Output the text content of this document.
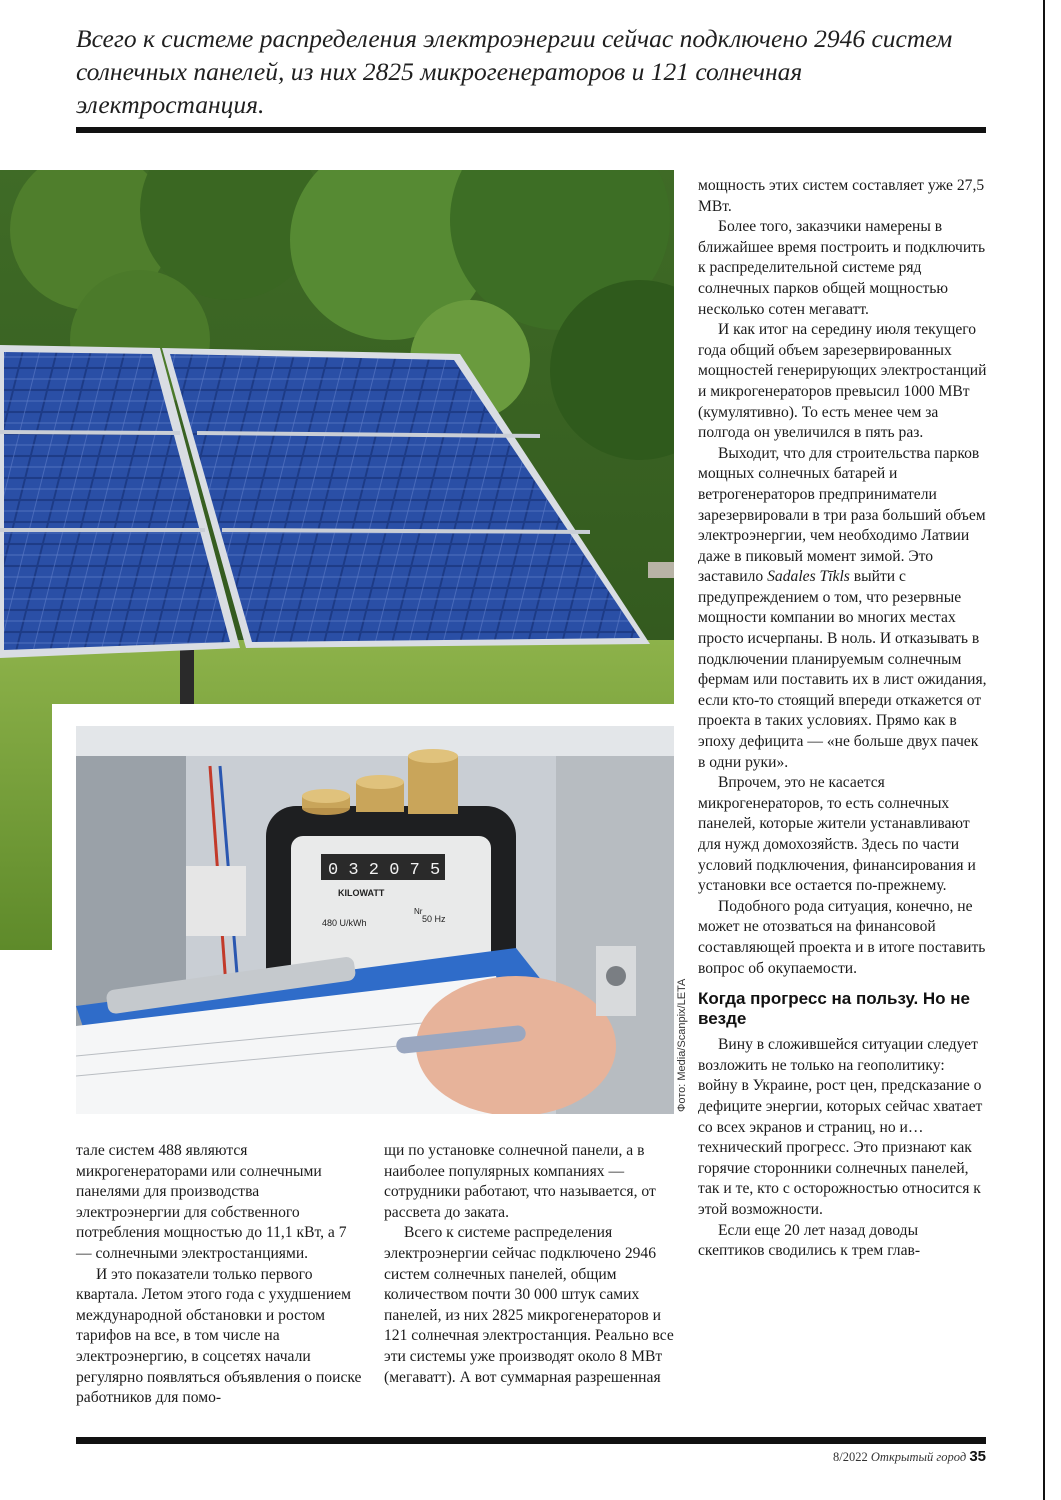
Всего к системе распределения электроэнергии сейчас подключено 2946 систем солнечных панелей, из них 2825 микрогенераторов и 121 солнечная электростанция.
0 3 2 0 7 5
KILOWATT
Nr
480 U/kWh	50 Hz
Фото: Media/Scanpix/LETA

мощность этих систем составляет уже 27,5 МВт.

Более того, заказчики намерены в ближайшее время построить и подключить к распределительной системе ряд солнечных парков общей мощностью несколько сотен мегаватт.

И как итог на середину июля текущего года общий объем зарезервированных мощностей генерирующих электростанций и микрогенераторов превысил 1000 МВт (кумулятивно). То есть менее чем за полгода он увеличился в пять раз.

Выходит, что для строительства парков мощных солнечных батарей и ветрогенераторов предприниматели зарезервировали в три раза больший объем электроэнергии, чем необходимо Латвии даже в пиковый момент зимой. Это заставило Sadales Tīkls выйти с предупреждением о том, что резервные мощности компании во многих местах просто исчерпаны. В ноль. И отказывать в подключении планируемым солнечным фермам или поставить их в лист ожидания, если кто-то стоящий впереди откажется от проекта в таких условиях. Прямо как в эпоху дефицита — «не больше двух пачек в одни руки».

Впрочем, это не касается микрогенераторов, то есть солнечных панелей, которые жители устанавливают для нужд домохозяйств. Здесь по части условий подключения, финансирования и установки все остается по-прежнему.

Подобного рода ситуация, конечно, не может не отозваться на финансовой составляющей проекта и в итоге поставить вопрос об окупаемости.

Когда прогресс на пользу. Но не везде

Вину в сложившейся ситуации следует возложить не только на геополитику: войну в Украине, рост цен, предсказание о дефиците энергии, которых сейчас хватает со всех экранов и страниц, но и… технический прогресс. Это признают как горячие сторонники солнечных панелей, так и те, кто с осторожностью относится к этой возможности.

Если еще 20 лет назад доводы скептиков сводились к трем глав-

тале систем 488 являются микрогенераторами или солнечными панелями для производства электроэнергии для собственного потребления мощностью до 11,1 кВт, а 7 — солнечными электростанциями.

И это показатели только первого квартала. Летом этого года с ухудшением международной обстановки и ростом тарифов на все, в том числе на электроэнергию, в соцсетях начали регулярно появляться объявления о поиске работников для помо-

щи по установке солнечной панели, а в наиболее популярных компаниях — сотрудники работают, что называется, от рассвета до заката.

Всего к системе распределения электроэнергии сейчас подключено 2946 систем солнечных панелей, общим количеством почти 30 000 штук самих панелей, из них 2825 микрогенераторов и 121 солнечная электростанция. Реально все эти системы уже производят около 8 МВт (мегаватт). А вот суммарная разрешенная

8/2022 Открытый город 35
